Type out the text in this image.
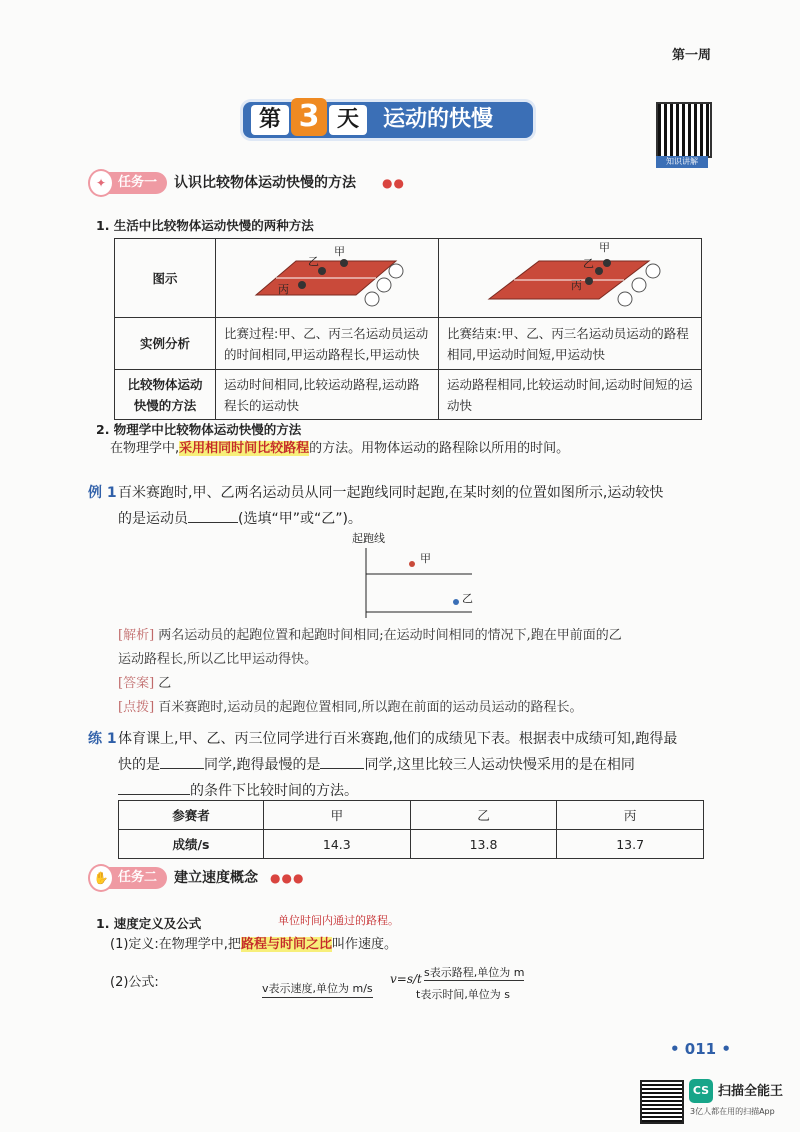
第一周
第 3 天	运动的快慢
知识讲解
任务一
✦	认识比较物体运动快慢的方法 ●●
1. 生活中比较物体运动快慢的两种方法
图示	甲
乙
丙	甲
乙
丙

实例分析	比赛过程:甲、乙、丙三名运动员运动的时间相同,甲运动路程长,甲运动快	比赛结束:甲、乙、丙三名运动员运动的路程相同,甲运动时间短,甲运动快
比较物体运动快慢的方法	运动时间相同,比较运动路程,运动路程长的运动快	运动路程相同,比较运动时间,运动时间短的运动快
2. 物理学中比较物体运动快慢的方法
在物理学中,采用相同时间比较路程的方法。用物体运动的路程除以所用的时间。
例 1 百米赛跑时,甲、乙两名运动员从同一起跑线同时起跑,在某时刻的位置如图所示,运动较快
的是运动员	(选填“甲”或“乙”)。
起跑线
甲
乙
[解析] 两名运动员的起跑位置和起跑时间相同;在运动时间相同的情况下,跑在甲前面的乙
运动路程长,所以乙比甲运动得快。
[答案] 乙
[点拨] 百米赛跑时,运动员的起跑位置相同,所以跑在前面的运动员运动的路程长。
练 1 体育课上,甲、乙、丙三位同学进行百米赛跑,他们的成绩见下表。根据表中成绩可知,跑得最
快的是	同学,跑得最慢的是	同学,这里比较三人运动快慢采用的是在相同
的条件下比较时间的方法。
参赛者	甲	乙	丙
成绩/s	14.3	13.8	13.7
任务二
✋	建立速度概念 ●●●
1. 速度定义及公式	单位时间内通过的路程。
(1)定义:在物理学中,把路程与时间之比叫作速度。
(2)公式:	v表示速度,单位为 m/s
v=s/t s表示路程,单位为 m
t表示时间,单位为 s
• 011 •
CS 扫描全能王
3亿人都在用的扫描App
